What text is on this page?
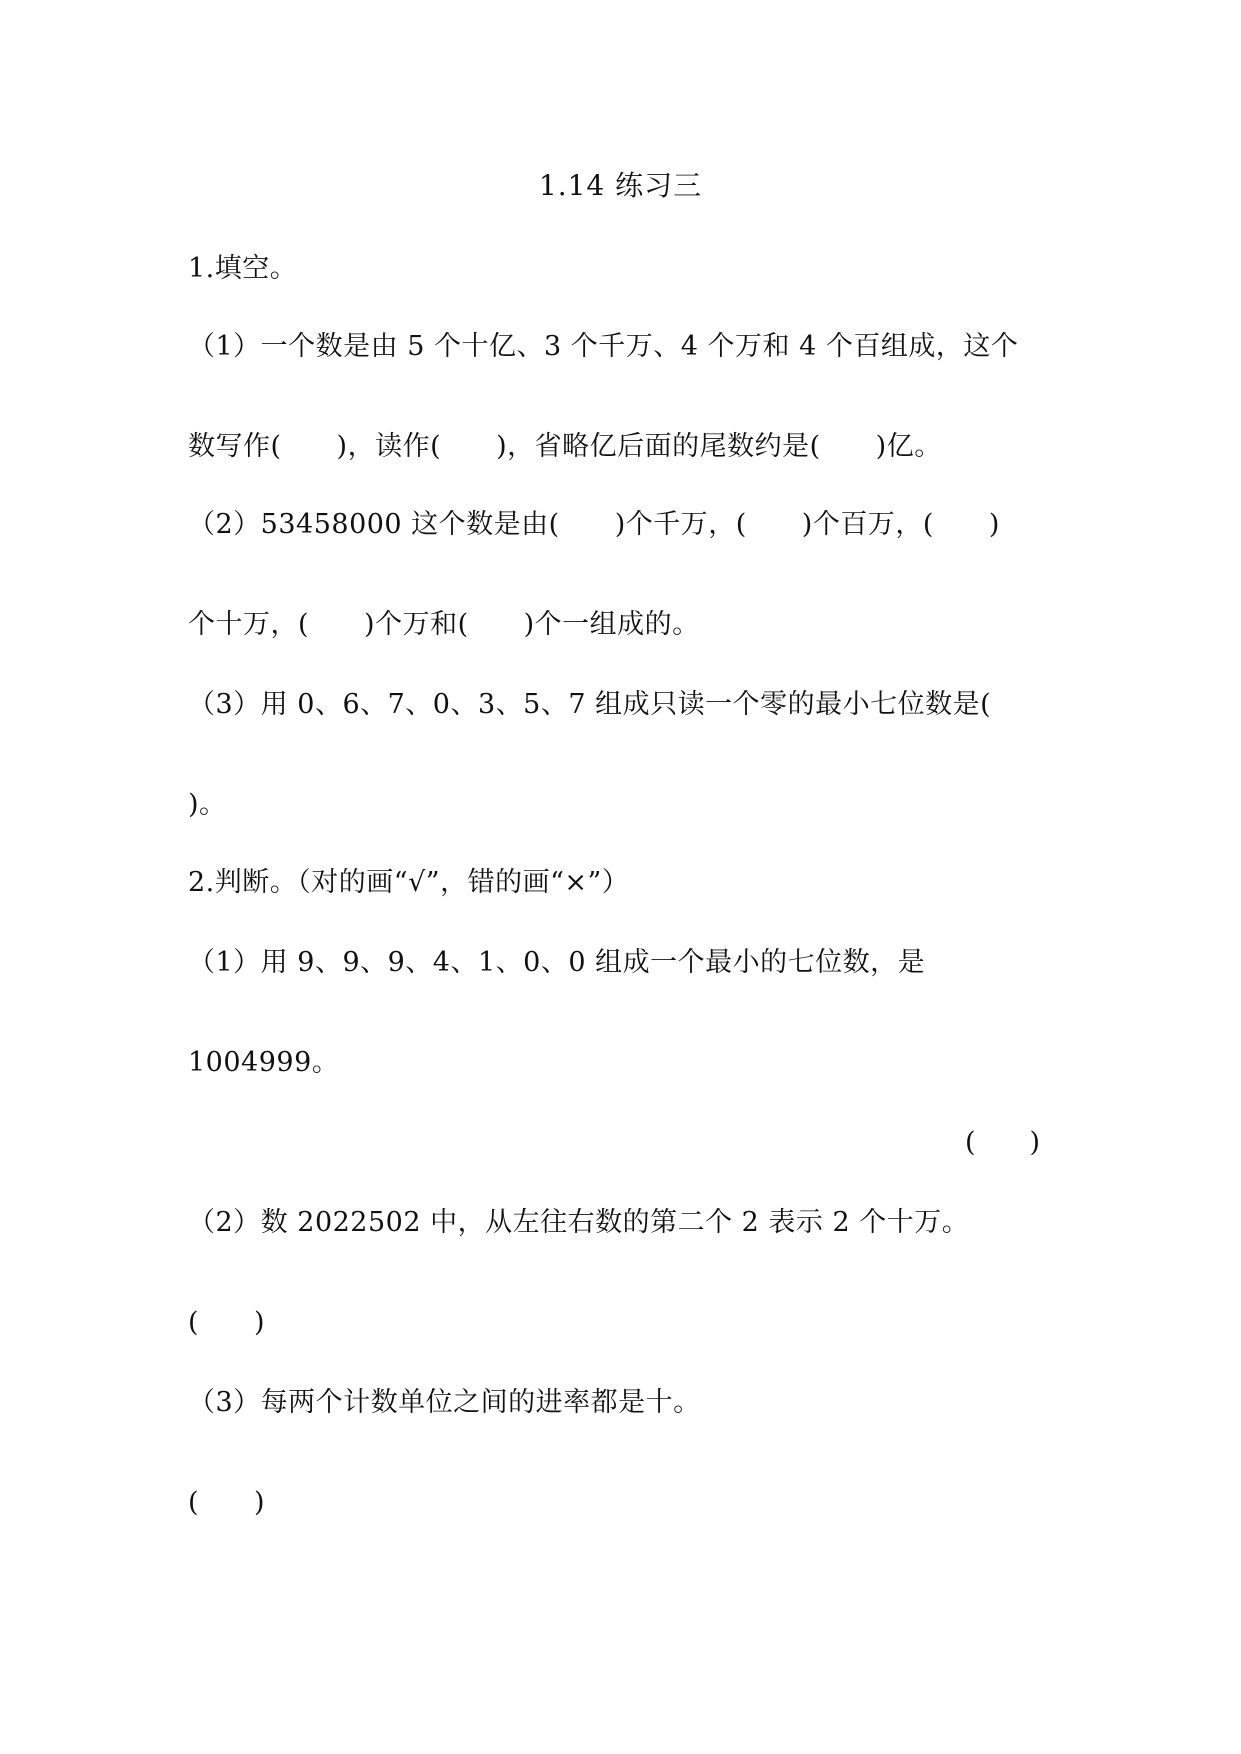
1.14 练习三
1.填空。
（1）一个数是由 5 个十亿、3 个千万、4 个万和 4 个百组成，这个
数写作(　　)，读作(　　)，省略亿后面的尾数约是(　　)亿。
（2）53458000 这个数是由(　　)个千万，(　　)个百万，(　　)
个十万，(　　)个万和(　　)个一组成的。
（3）用 0、6、7、0、3、5、7 组成只读一个零的最小七位数是(
)。
2.判断。（对的画“√”，错的画“×”）
（1）用 9、9、9、4、1、0、0 组成一个最小的七位数，是
1004999。
(　　)
（2）数 2022502 中，从左往右数的第二个 2 表示 2 个十万。
(　　)
（3）每两个计数单位之间的进率都是十。
(　　)
